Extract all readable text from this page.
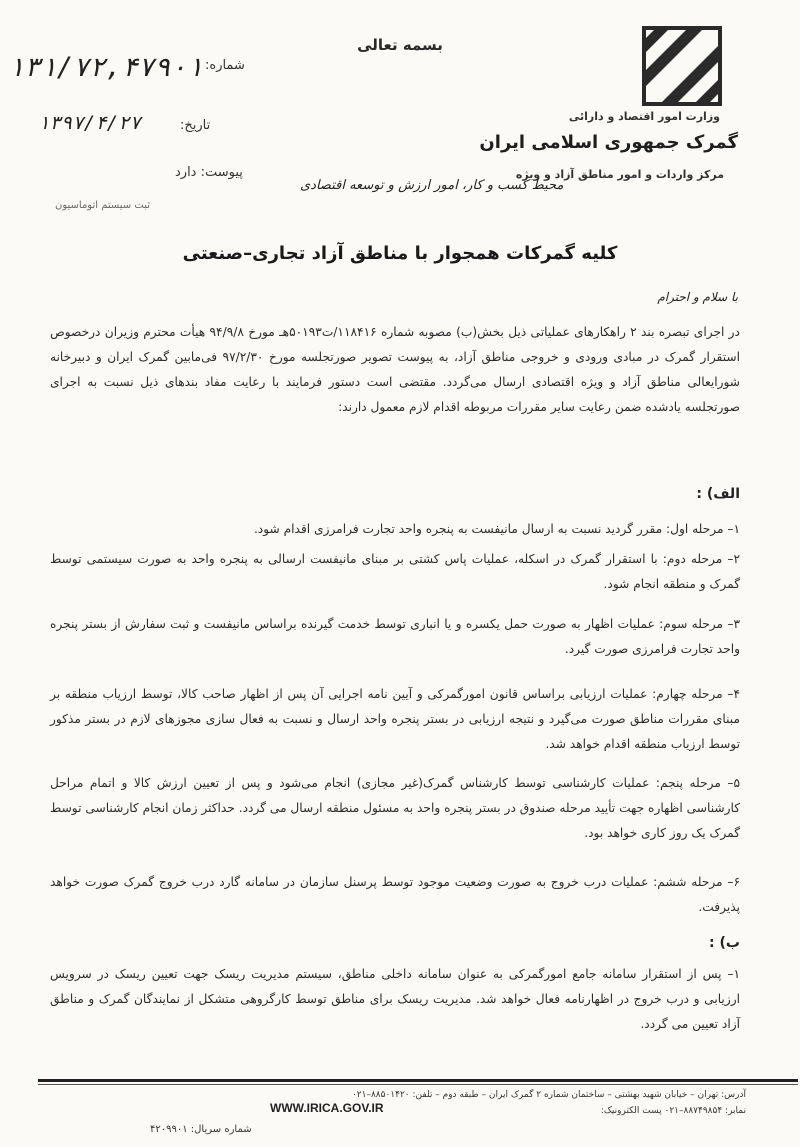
بسمه تعالی
وزارت امور اقتصاد و دارائی
گمرک جمهوری اسلامی ایران
مرکز واردات و امور مناطق آزاد و ویژه
شماره:
۱۳۱/۷۲,۴۷۹۰۱
تاریخ:
۱۳۹۷/۴/۲۷
پیوست: دارد
ثبت سیستم اتوماسیون
محیط کسب و کار، امور ارزش و توسعه اقتصادی
کلیه گمرکات همجوار با مناطق آزاد تجاری–صنعتی
با سلام و احترام
در اجرای تبصره بند ۲ راهکارهای عملیاتی ذیل بخش(ب) مصوبه شماره ۱۱۸۴۱۶/ت۵۰۱۹۳هـ مورخ ۹۴/۹/۸ هیأت محترم وزیران درخصوص استقرار گمرک در مبادی ورودی و خروجی مناطق آزاد، به پیوست تصویر صورتجلسه مورخ ۹۷/۲/۳۰ فی‌مابین گمرک ایران و دبیرخانه شورایعالی مناطق آزاد و ویژه اقتصادی ارسال می‌گردد. مقتضی است دستور فرمایند با رعایت مفاد بندهای ذیل نسبت به اجرای صورتجلسه یادشده ضمن رعایت سایر مقررات مربوطه اقدام لازم معمول دارند:
الف) :
۱– مرحله اول: مقرر گردید نسبت به ارسال مانیفست به پنجره واحد تجارت فرامرزی اقدام شود.
۲– مرحله دوم: با استقرار گمرک در اسکله، عملیات پاس کشتی بر مبنای مانیفست ارسالی به پنجره واحد به صورت سیستمی توسط گمرک و منطقه انجام شود.
۳– مرحله سوم: عملیات اظهار به صورت حمل یکسره و یا انباری توسط خدمت گیرنده براساس مانیفست و ثبت سفارش از بستر پنجره واحد تجارت فرامرزی صورت گیرد.
۴– مرحله چهارم: عملیات ارزیابی براساس قانون امورگمرکی و آیین نامه اجرایی آن پس از اظهار صاحب کالا، توسط ارزیاب منطقه بر مبنای مقررات مناطق صورت می‌گیرد و نتیجه ارزیابی در بستر پنجره واحد ارسال و نسبت به فعال سازی مجوزهای لازم در بستر مذکور توسط ارزیاب منطقه اقدام خواهد شد.
۵– مرحله پنجم: عملیات کارشناسی توسط کارشناس گمرک(غیر مجازی) انجام می‌شود و پس از تعیین ارزش کالا و اتمام مراحل کارشناسی اظهاره جهت تأیید مرحله صندوق در بستر پنجره واحد به مسئول منطقه ارسال می گردد. حداکثر زمان انجام کارشناسی توسط گمرک یک روز کاری خواهد بود.
۶– مرحله ششم: عملیات درب خروج به صورت وضعیت موجود توسط پرسنل سازمان در سامانه گارد درب خروج گمرک صورت خواهد پذیرفت.
ب) :
۱– پس از استقرار سامانه جامع امورگمرکی به عنوان سامانه داخلی مناطق، سیستم مدیریت ریسک جهت تعیین ریسک در سرویس ارزیابی و درب خروج در اظهارنامه فعال خواهد شد. مدیریت ریسک برای مناطق توسط کارگروهی متشکل از نمایندگان گمرک و مناطق آزاد تعیین می گردد.
آدرس: تهران – خیابان شهید بهشتی – ساختمان شماره ۲ گمرک ایران – طبقه دوم – تلفن: ۸۸۵۰۱۴۲۰–۰۲۱
نمابر: ۸۸۷۴۹۸۵۴–۰۲۱ پست الکترونیک:
WWW.IRICA.GOV.IR
شماره سریال: ۴۲۰۹۹۰۱
